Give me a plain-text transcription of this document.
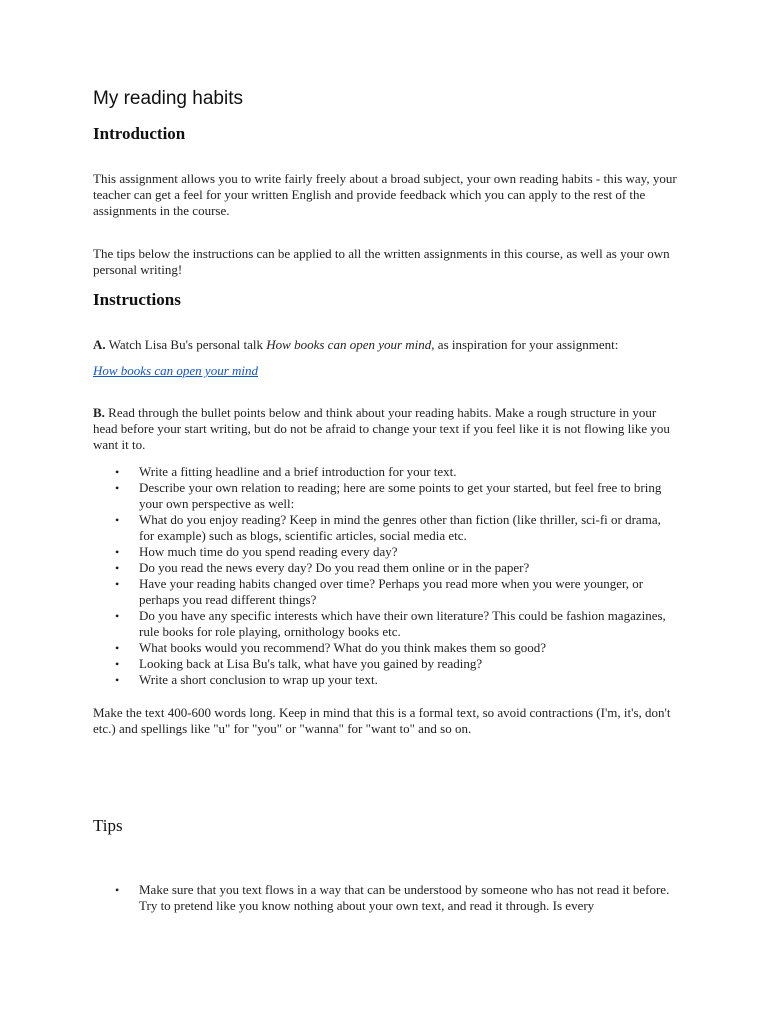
My reading habits
Introduction

This assignment allows you to write fairly freely about a broad subject, your own reading habits - this way, your teacher can get a feel for your written English and provide feedback which you can apply to the rest of the assignments in the course.

The tips below the instructions can be applied to all the written assignments in this course, as well as your own personal writing!

Instructions

A. Watch Lisa Bu's personal talk How books can open your mind, as inspiration for your assignment:

How books can open your mind

B. Read through the bullet points below and think about your reading habits. Make a rough structure in your head before your start writing, but do not be afraid to change your text if you feel like it is not flowing like you want it to.

• Write a fitting headline and a brief introduction for your text.
• Describe your own relation to reading; here are some points to get your started, but feel free to bring your own perspective as well:
• What do you enjoy reading? Keep in mind the genres other than fiction (like thriller, sci-fi or drama, for example) such as blogs, scientific articles, social media etc.
• How much time do you spend reading every day?
• Do you read the news every day? Do you read them online or in the paper?
• Have your reading habits changed over time? Perhaps you read more when you were younger, or perhaps you read different things?
• Do you have any specific interests which have their own literature? This could be fashion magazines, rule books for role playing, ornithology books etc.
• What books would you recommend? What do you think makes them so good?
• Looking back at Lisa Bu's talk, what have you gained by reading?
• Write a short conclusion to wrap up your text.

Make the text 400-600 words long. Keep in mind that this is a formal text, so avoid contractions (I'm, it's, don't etc.) and spellings like "u" for "you" or "wanna" for "want to" and so on.

Tips
• Make sure that you text flows in a way that can be understood by someone who has not read it before. Try to pretend like you know nothing about your own text, and read it through. Is every
